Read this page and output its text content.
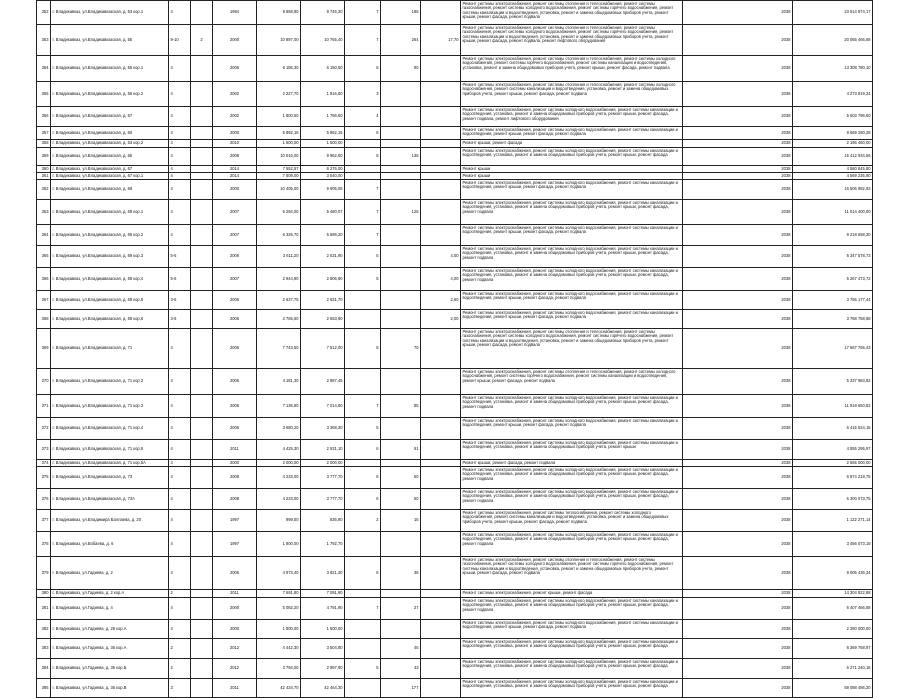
352	г. Владикавказ, ул.Владикавказская, д. 53 кор.1	4		1994	9 868,80	9 745,30	7	186		Ремонт системы электроснабжения, ремонт системы отопления и теплоснабжения, ремонт системы газоснабжения, ремонт системы холодного водоснабжения, ремонт системы горячего водоснабжения, ремонт системы канализации и водоотведения, установка, ремонт и замена общедомовых приборов учета, ремонт крыши, ремонт фасада, ремонт подвала	2038	23 514 974,17
353	г. Владикавказ, ул.Владикавказская, д. 55	9-10	2	2000	10 897,00	10 765,40	7	264	17,70	Ремонт системы электроснабжения, ремонт системы отопления и теплоснабжения, ремонт системы газоснабжения, ремонт системы холодного водоснабжения, ремонт системы горячего водоснабжения, ремонт системы канализации и водоотведения, установка, ремонт и замена общедомовых приборов учета, ремонт крыши, ремонт фасада, ремонт подвала, ремонт лифтового оборудования	2038	20 065 466,68
354	г. Владикавказ, ул.Владикавказская, д. 55 кор.1	4		2006	6 186,30	6 150,50	6	90		Ремонт системы электроснабжения, ремонт системы отопления и теплоснабжения, ремонт системы холодного водоснабжения, ремонт системы горячего водоснабжения, ремонт системы канализации и водоотведения, установка, ремонт и замена общедомовых приборов учета, ремонт крыши, ремонт фасада, ремонт подвала	2038	13 308 780,10
355	г. Владикавказ, ул.Владикавказская, д. 56 кор.2	4		2002	2 227,70	1 816,80	3			Ремонт системы электроснабжения, ремонт системы отопления и теплоснабжения, ремонт системы холодного водоснабжения, ремонт системы канализации и водоотведения, установка, ремонт и замена общедомовых приборов учета, ремонт крыши, ремонт фасада, ремонт подвала	2038	4 273 819,24
356	г. Владикавказ, ул.Владикавказская, д. 57	4		2002	1 800,50	1 786,60	4			Ремонт системы электроснабжения, ремонт системы холодного водоснабжения, ремонт системы канализации и водоотведения, установка, ремонт и замена общедомовых приборов учета, ремонт крыши, ремонт фасада, ремонт подвала, ремонт лифтового оборудования	2038	5 603 796,60
357	г. Владикавказ, ул.Владикавказская, д. 60	4		2000	5 892,16	5 862,16	6			Ремонт системы электроснабжения, ремонт системы холодного водоснабжения, ремонт системы канализации и водоотведения, ремонт крыши, ремонт фасада, ремонт подвала	2038	9 669 280,28
358	г. Владикавказ, ул.Владикавказская, д. 63 кор.2	4		2010	1 500,00	1 500,00				Ремонт крыши, ремонт фасада	2038	2 196 460,00
359	г. Владикавказ, ул.Владикавказская, д. 65	4		2008	10 016,00	9 962,60	8	136		Ремонт системы электроснабжения, ремонт системы холодного водоснабжения, ремонт системы канализации и водоотведения, установка, ремонт и замена общедомовых приборов учета, ремонт крыши, ремонт фасада	2038	15 412 934,56
360	г. Владикавказ, ул.Владикавказская, д. 67	4		2014	7 552,57	6 276,00				Ремонт крыши	2038	4 580 845,80
361	г. Владикавказ, ул.Владикавказская, д. 67 кор.1	4		2014	7 609,00	3 640,00				Ремонт крыши	2038	4 569 236,80
362	г. Владикавказ, ул.Владикавказская, д. 68	4		2000	10 405,00	9 905,05	7			Ремонт системы электроснабжения, ремонт системы холодного водоснабжения, ремонт системы канализации и водоотведения, ремонт крыши, ремонт фасада, ремонт подвала	2038	16 506 882,93
363	г. Владикавказ, ул.Владикавказская, д. 69 кор.1	4		2007	6 294,00	5 480,07	7	126		Ремонт системы электроснабжения, ремонт системы холодного водоснабжения, ремонт системы канализации и водоотведения, установка, ремонт и замена общедомовых приборов учета, ремонт крыши, ремонт фасада, ремонт подвала	2038	11 014 400,00
364	г. Владикавказ, ул.Владикавказская, д. 69 кор.2	4		2007	6 326,70	5 686,20	7			Ремонт системы электроснабжения, ремонт системы холодного водоснабжения, ремонт системы канализации и водоотведения, ремонт крыши, ремонт фасада, ремонт подвала	2038	9 218 658,30
365	г. Владикавказ, ул.Владикавказская, д. 69 кор.3	5-5		2006	3 611,20	2 631,90	5		4,00	Ремонт системы электроснабжения, ремонт системы холодного водоснабжения, ремонт системы канализации и водоотведения, установка, ремонт и замена общедомовых приборов учета, ремонт крыши, ремонт фасада, ремонт подвала	2038	5 347 578,73
366	г. Владикавказ, ул.Владикавказская, д. 69 кор.4	5-5		2007	2 944,90	2 806,90	5		4,00	Ремонт системы электроснабжения, ремонт системы холодного водоснабжения, ремонт системы канализации и водоотведения, установка, ремонт и замена общедомовых приборов учета, ремонт крыши, ремонт фасада, ремонт подвала	2038	5 267 473,72
367	г. Владикавказ, ул.Владикавказская, д. 69 кор.5	3-5		2006	2 637,75	2 631,70			2,60	Ремонт системы электроснабжения, ремонт системы холодного водоснабжения, ремонт системы канализации и водоотведения, ремонт крыши, ремонт фасада, ремонт подвала	2038	3 765 177,44
368	г. Владикавказ, ул.Владикавказская, д. 69 кор.6	3-5		2006	2 765,60	2 653,90			2,00	Ремонт системы электроснабжения, ремонт системы холодного водоснабжения, ремонт системы канализации и водоотведения, ремонт крыши, ремонт фасада, ремонт подвала	2038	3 768 758,88
369	г. Владикавказ, ул.Владикавказская, д. 71	4		2006	7 743,50	7 512,00	8	70		Ремонт системы электроснабжения, ремонт системы отопления и теплоснабжения, ремонт системы газоснабжения, ремонт системы холодного водоснабжения, ремонт системы горячего водоснабжения, ремонт системы канализации и водоотведения, установка, ремонт и замена общедомовых приборов учета, ремонт крыши, ремонт фасада, ремонт подвала	2038	17 667 765,43
370	г. Владикавказ, ул.Владикавказская, д. 71 кор.2	4		2006	4 181,30	2 887,45				Ремонт системы электроснабжения, ремонт системы отопления и теплоснабжения, ремонт системы холодного водоснабжения, ремонт системы горячего водоснабжения, ремонт системы канализации и водоотведения, ремонт крыши, ремонт фасада, ремонт подвала	2038	5 337 983,82
371	г. Владикавказ, ул.Владикавказская, д. 71 кор.3	4		2006	7 136,80	7 014,80	7	85		Ремонт системы электроснабжения, ремонт системы холодного водоснабжения, ремонт системы канализации и водоотведения, установка, ремонт и замена общедомовых приборов учета, ремонт крыши, ремонт фасада, ремонт подвала	2038	11 919 650,82
372	г. Владикавказ, ул.Владикавказская, д. 71 кор.4	4		2006	3 680,20	3 368,30	5			Ремонт системы электроснабжения, ремонт системы холодного водоснабжения, ремонт системы канализации и водоотведения, ремонт крыши, ремонт фасада, ремонт подвала	2038	6 415 524,15
373	г. Владикавказ, ул.Владикавказская, д. 71 кор.5	4		2011	4 425,30	2 931,10	6	51		Ремонт системы электроснабжения, ремонт системы холодного водоснабжения, ремонт системы канализации и водоотведения, установка, ремонт и замена общедомовых приборов учета, ремонт крыши	2038	4 855 295,97
374	г. Владикавказ, ул.Владикавказская, д. 71 кор.5А	4		2000	2 000,00	2 000,00				Ремонт крыши, ремонт фасада, ремонт подвала	2038	2 665 000,00
375	г. Владикавказ, ул.Владикавказская, д. 73	4		2008	4 233,00	3 777,70	6	60		Ремонт системы электроснабжения, ремонт системы холодного водоснабжения, ремонт системы канализации и водоотведения, установка, ремонт и замена общедомовых приборов учета, ремонт крыши, ремонт фасада, ремонт подвала	2038	6 874 218,75
376	г. Владикавказ, ул.Владикавказская, д. 73А	4		2008	4 233,00	3 777,70	6	60		Ремонт системы электроснабжения, ремонт системы холодного водоснабжения, ремонт системы канализации и водоотведения, установка, ремонт и замена общедомовых приборов учета, ремонт крыши, ремонт фасада, ремонт подвала	2038	6 300 073,75
377	г. Владикавказ, ул.Владимира Баллаева, д. 20	4		1997	999,00	836,90	2	16		Ремонт системы электроснабжения, ремонт системы теплоснабжения, ремонт системы холодного водоснабжения, ремонт системы канализации и водоотведения, установка, ремонт и замена общедомовых приборов учета, ремонт крыши, ремонт фасада, ремонт подвала	2038	1 122 271,14
378	г. Владикавказ, ул.Вобаева, д. 6	4		1997	1 800,00	1 792,70				Ремонт системы электроснабжения, ремонт системы холодного водоснабжения, ремонт системы канализации и водоотведения, установка, ремонт и замена общедомовых приборов учета, ремонт крыши, ремонт фасада, ремонт подвала	2038	3 456 073,18
379	г. Владикавказ, ул.Гадиева, д. 2	4		2006	4 973,40	3 821,30	6	36		Ремонт системы электроснабжения, ремонт системы отопления и теплоснабжения, ремонт системы газоснабжения, ремонт системы холодного водоснабжения, ремонт системы горячего водоснабжения, ремонт системы канализации и водоотведения, установка, ремонт и замена общедомовых приборов учета, ремонт крыши, ремонт фасада, ремонт подвала	2038	9 005 436,34
380	г. Владикавказ, ул.Гадиева, д. 2 кор.А	2		2011	7 691,80	7 091,90				Ремонт системы электроснабжения, ремонт крыши, ремонт фасада	2038	14 304 822,88
381	г. Владикавказ, ул.Гадиева, д. 4	4		2000	5 082,20	4 791,90	7	27		Ремонт системы электроснабжения, ремонт системы холодного водоснабжения, ремонт системы канализации и водоотведения, установка, ремонт и замена общедомовых приборов учета, ремонт крыши, ремонт фасада, ремонт подвала	2038	6 407 466,58
382	г. Владикавказ, ул.Гадиева, д. 28 кор.А	4		2000	1 500,00	1 500,00				Ремонт системы электроснабжения, ремонт системы холодного водоснабжения, ремонт системы канализации и водоотведения, ремонт крыши, ремонт фасада, ремонт подвала	2038	2 280 000,00
383	г. Владикавказ, ул.Гадиева, д. 36 кор.А	2		2012	4 442,30	3 504,80		45		Ремонт системы электроснабжения, ремонт системы холодного водоснабжения, ремонт системы канализации и водоотведения, установка, ремонт и замена общедомовых приборов учета, ремонт крыши, ремонт фасада	2038	6 369 768,97
384	г. Владикавказ, ул.Гадиева, д. 36 кор.Б	2		2012	3 794,00	2 997,90	5	43		Ремонт системы электроснабжения, ремонт системы холодного водоснабжения, ремонт системы канализации и водоотведения, установка, ремонт и замена общедомовых приборов учета, ремонт крыши, ремонт фасада	2038	6 271 240,16
385	г. Владикавказ, ул.Гадиева, д. 36 кор.В	3		2011	42 434,70	42 464,30		177		Ремонт системы электроснабжения, ремонт системы холодного водоснабжения, ремонт системы канализации и водоотведения, установка, ремонт и замена общедомовых приборов учета, ремонт крыши, ремонт фасада	2038	59 088 486,20
